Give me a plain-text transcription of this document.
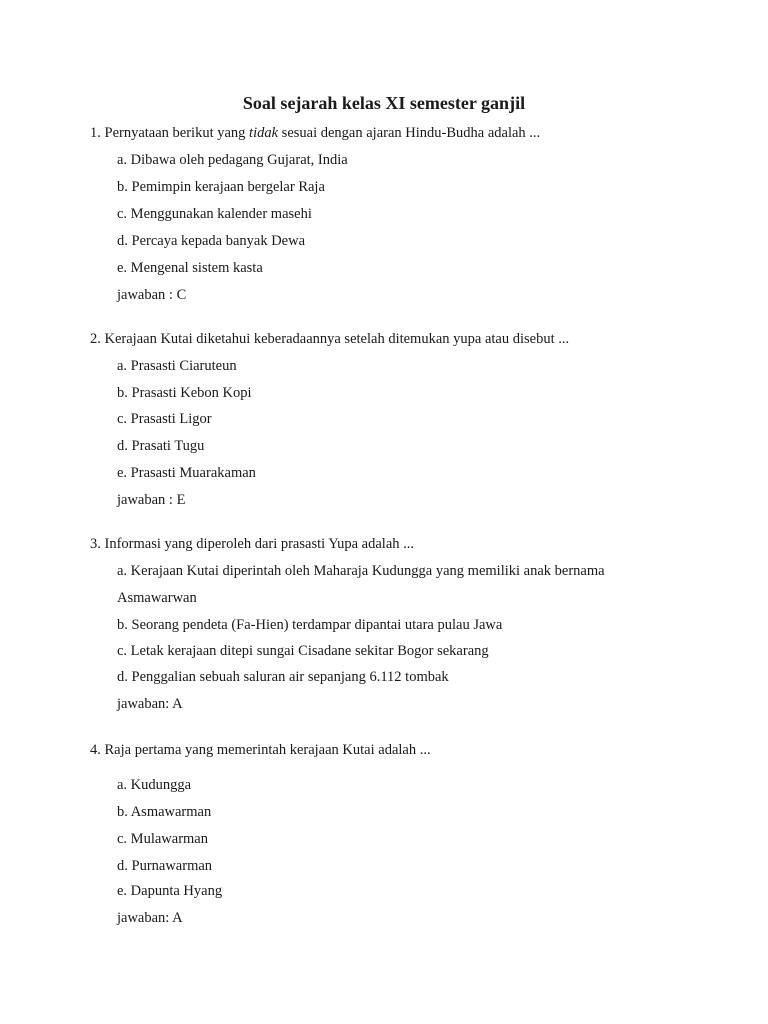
Soal sejarah kelas XI semester ganjil

1. Pernyataan berikut yang tidak sesuai dengan ajaran Hindu-Budha adalah ...

a. Dibawa oleh pedagang Gujarat, India

b. Pemimpin kerajaan bergelar Raja

c. Menggunakan kalender masehi

d. Percaya kepada banyak Dewa

e. Mengenal sistem kasta

jawaban : C

2. Kerajaan Kutai diketahui keberadaannya setelah ditemukan yupa atau disebut ...

a. Prasasti Ciaruteun

b. Prasasti Kebon Kopi

c. Prasasti Ligor

d. Prasati Tugu

e. Prasasti Muarakaman

jawaban : E

3. Informasi yang diperoleh dari prasasti Yupa adalah ...

a. Kerajaan Kutai diperintah oleh Maharaja Kudungga yang memiliki anak bernama

Asmawarwan

b. Seorang pendeta (Fa-Hien) terdampar dipantai utara pulau Jawa

c. Letak kerajaan ditepi sungai Cisadane sekitar Bogor sekarang

d. Penggalian sebuah saluran air sepanjang 6.112 tombak

jawaban: A

4. Raja pertama yang memerintah kerajaan Kutai adalah ...

a. Kudungga

b. Asmawarman

c. Mulawarman

d. Purnawarman

e. Dapunta Hyang

jawaban: A
